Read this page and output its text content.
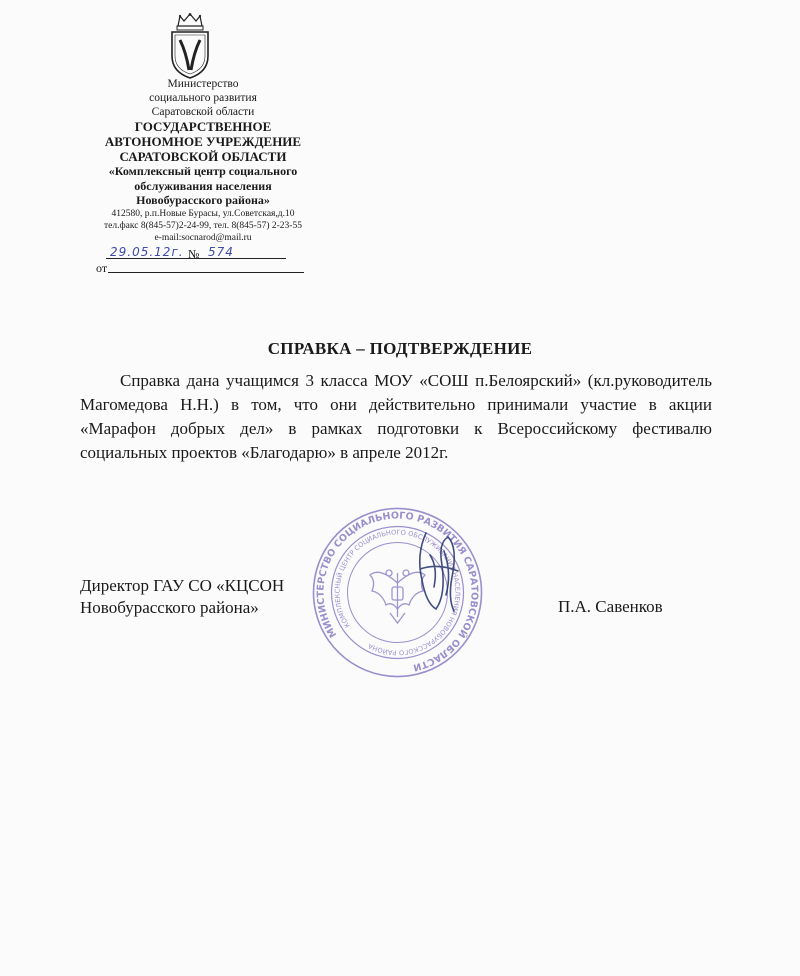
Министерство
социального развития
Саратовской области
ГОСУДАРСТВЕННОЕ
АВТОНОМНОЕ УЧРЕЖДЕНИЕ
САРАТОВСКОЙ ОБЛАСТИ
«Комплексный центр социального
обслуживания населения
Новобурасского района»
412580, р.п.Новые Бурасы, ул.Советская,д.10
тел.факс 8(845-57)2-24-99, тел. 8(845-57) 2-23-55
e-mail:socnarod@mail.ru
29.05.12г. № 574
от
СПРАВКА – ПОДТВЕРЖДЕНИЕ
Справка дана учащимся 3 класса МОУ «СОШ п.Белоярский» (кл.руководитель Магомедова Н.Н.) в том, что они действительно принимали участие в акции «Марафон добрых дел» в рамках подготовки к Всероссийскому фестивалю социальных проектов «Благодарю» в апреле 2012г.
МИНИСТЕРСТВО СОЦИАЛЬНОГО РАЗВИТИЯ САРАТОВСКОЙ ОБЛАСТИ
КОМПЛЕКСНЫЙ ЦЕНТР СОЦИАЛЬНОГО ОБСЛУЖИВАНИЯ НАСЕЛЕНИЯ НОВОБУРАССКОГО РАЙОНА
Директор ГАУ СО «КЦСОН
Новобурасского района»	П.А. Савенков
